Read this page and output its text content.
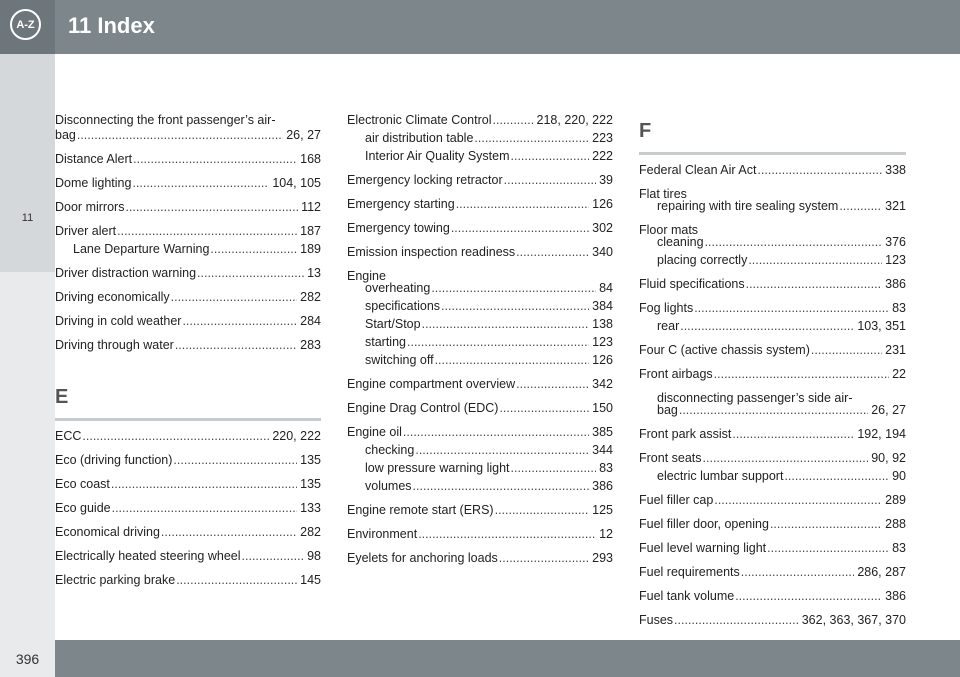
A-Z 11 Index
11
Disconnecting the front passenger’s air-
bag .....	26, 27
Distance Alert .....	168
Dome lighting .....	104, 105
Door mirrors .....	112
Driver alert .....	187
Lane Departure Warning .....	189
Driver distraction warning .....	13
Driving economically .....	282
Driving in cold weather .....	284
Driving through water .....	283
E
ECC .....	220, 222
Eco (driving function) .....	135
Eco coast .....	135
Eco guide .....	133
Economical driving .....	282
Electrically heated steering wheel .....	98
Electric parking brake .....	145
Electronic Climate Control .....	218, 220, 222
air distribution table .....	223
Interior Air Quality System .....	222
Emergency locking retractor .....	39
Emergency starting .....	126
Emergency towing .....	302
Emission inspection readiness .....	340
Engine
overheating .....	84
specifications .....	384
Start/Stop .....	138
starting .....	123
switching off .....	126
Engine compartment overview .....	342
Engine Drag Control (EDC) .....	150
Engine oil .....	385
checking .....	344
low pressure warning light .....	83
volumes .....	386
Engine remote start (ERS) .....	125
Environment .....	12
Eyelets for anchoring loads .....	293
F
Federal Clean Air Act .....	338
Flat tires
repairing with tire sealing system .....	321
Floor mats
cleaning .....	376
placing correctly .....	123
Fluid specifications .....	386
Fog lights .....	83
rear .....	103, 351
Four C (active chassis system) .....	231
Front airbags .....	22
disconnecting passenger’s side air-
bag .....	26, 27
Front park assist .....	192, 194
Front seats .....	90, 92
electric lumbar support .....	90
Fuel filler cap .....	289
Fuel filler door, opening .....	288
Fuel level warning light .....	83
Fuel requirements .....	286, 287
Fuel tank volume .....	386
Fuses .....	362, 363, 367, 370
396
